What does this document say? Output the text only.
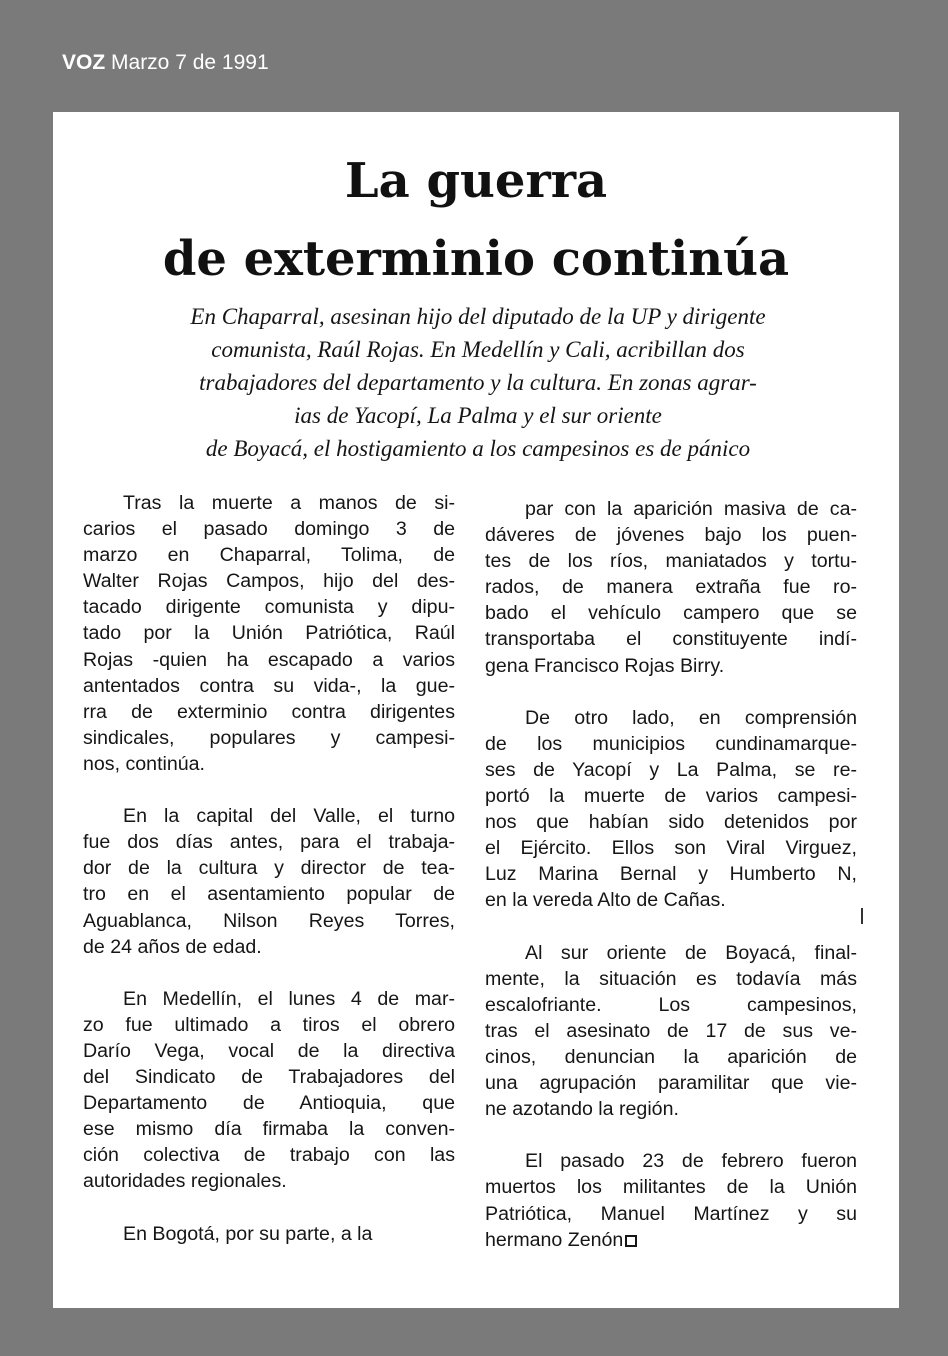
VOZ Marzo 7 de 1991
La guerra
de exterminio continúa
En Chaparral, asesinan hijo del diputado de la UP y dirigente
comunista, Raúl Rojas. En Medellín y Cali, acribillan dos
trabajadores del departamento y la cultura. En zonas agrar-
ias de Yacopí, La Palma y el sur oriente
de Boyacá, el hostigamiento a los campesinos es de pánico
Tras la muerte a manos de si-
carios el pasado domingo 3 de
marzo en Chaparral, Tolima, de
Walter Rojas Campos, hijo del des-
tacado dirigente comunista y dipu-
tado por la Unión Patriótica, Raúl
Rojas -quien ha escapado a varios
antentados contra su vida-, la gue-
rra de exterminio contra dirigentes
sindicales, populares y campesi-
nos, continúa.
En la capital del Valle, el turno
fue dos días antes, para el trabaja-
dor de la cultura y director de tea-
tro en el asentamiento popular de
Aguablanca, Nilson Reyes Torres,
de 24 años de edad.
En Medellín, el lunes 4 de mar-
zo fue ultimado a tiros el obrero
Darío Vega, vocal de la directiva
del Sindicato de Trabajadores del
Departamento de Antioquia, que
ese mismo día firmaba la conven-
ción colectiva de trabajo con las
autoridades regionales.
En Bogotá, por su parte, a la
par con la aparición masiva de ca-
dáveres de jóvenes bajo los puen-
tes de los ríos, maniatados y tortu-
rados, de manera extraña fue ro-
bado el vehículo campero que se
transportaba el constituyente indí-
gena Francisco Rojas Birry.
De otro lado, en comprensión
de los municipios cundinamarque-
ses de Yacopí y La Palma, se re-
portó la muerte de varios campesi-
nos que habían sido detenidos por
el Ejército. Ellos son Viral Virguez,
Luz Marina Bernal y Humberto N,
en la vereda Alto de Cañas.
Al sur oriente de Boyacá, final-
mente, la situación es todavía más
escalofriante. Los campesinos,
tras el asesinato de 17 de sus ve-
cinos, denuncian la aparición de
una agrupación paramilitar que vie-
ne azotando la región.
El pasado 23 de febrero fueron
muertos los militantes de la Unión
Patriótica, Manuel Martínez y su
hermano Zenón
